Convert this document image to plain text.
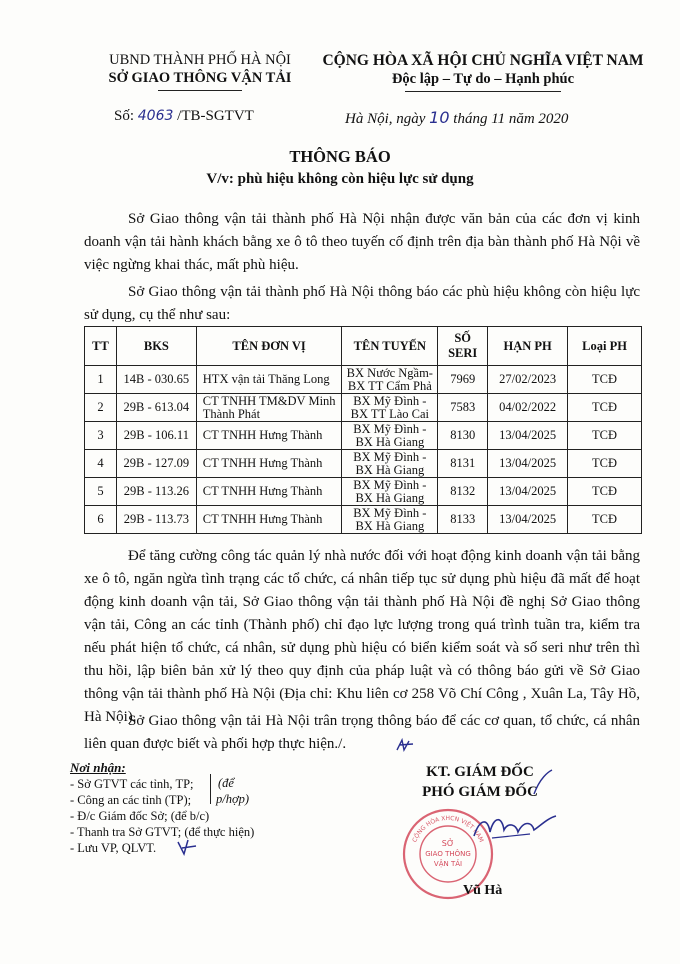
UBND THÀNH PHỐ HÀ NỘI
SỞ GIAO THÔNG VẬN TẢI
CỘNG HÒA XÃ HỘI CHỦ NGHĨA VIỆT NAM
Độc lập – Tự do – Hạnh phúc
Số: 4063 /TB-SGTVT	Hà Nội, ngày 10 tháng 11 năm 2020
THÔNG BÁO
V/v: phù hiệu không còn hiệu lực sử dụng

Sở Giao thông vận tải thành phố Hà Nội nhận được văn bản của các đơn vị kinh doanh vận tải hành khách bằng xe ô tô theo tuyến cố định trên địa bàn thành phố Hà Nội về việc ngừng khai thác, mất phù hiệu.

Sở Giao thông vận tải thành phố Hà Nội thông báo các phù hiệu không còn hiệu lực sử dụng, cụ thể như sau:

TT	BKS	TÊN ĐƠN VỊ	TÊN TUYẾN	SỐ SERI	HẠN PH	Loại PH
1	14B - 030.65	HTX vận tải Thăng Long	BX Nước Ngầm-
BX TT Cẩm Phả	7969	27/02/2023	TCĐ
2	29B - 613.04	CT TNHH TM&DV Minh Thành Phát	BX Mỹ Đình -
BX TT Lào Cai	7583	04/02/2022	TCĐ
3	29B - 106.11	CT TNHH Hưng Thành	BX Mỹ Đình -
BX Hà Giang	8130	13/04/2025	TCĐ
4	29B - 127.09	CT TNHH Hưng Thành	BX Mỹ Đình -
BX Hà Giang	8131	13/04/2025	TCĐ
5	29B - 113.26	CT TNHH Hưng Thành	BX Mỹ Đình -
BX Hà Giang	8132	13/04/2025	TCĐ
6	29B - 113.73	CT TNHH Hưng Thành	BX Mỹ Đình -
BX Hà Giang	8133	13/04/2025	TCĐ

Để tăng cường công tác quản lý nhà nước đối với hoạt động kinh doanh vận tải bằng xe ô tô, ngăn ngừa tình trạng các tổ chức, cá nhân tiếp tục sử dụng phù hiệu đã mất để hoạt động kinh doanh vận tải, Sở Giao thông vận tải thành phố Hà Nội đề nghị Sở Giao thông vận tải, Công an các tỉnh (Thành phố) chỉ đạo lực lượng trong quá trình tuần tra, kiểm tra nếu phát hiện tổ chức, cá nhân, sử dụng phù hiệu có biển kiểm soát và số seri như trên thì thu hồi, lập biên bản xử lý theo quy định của pháp luật và có thông báo gửi về Sở Giao thông vận tải thành phố Hà Nội (Địa chỉ: Khu liên cơ 258 Võ Chí Công , Xuân La, Tây Hồ, Hà Nội).

Sở Giao thông vận tải Hà Nội trân trọng thông báo để các cơ quan, tổ chức, cá nhân liên quan được biết và phối hợp thực hiện./.

Nơi nhận:
- Sở GTVT các tỉnh, TP;
- Công an các tỉnh (TP);
- Đ/c Giám đốc Sở; (để b/c)
- Thanh tra Sở GTVT; (để thực hiện)
- Lưu VP, QLVT.
(để
p/hợp)
KT. GIÁM ĐỐC
PHÓ GIÁM ĐỐC
CỘNG HÒA XHCN VIỆT NAM
SỞ
GIAO THÔNG
VẬN TẢI
Vũ Hà
